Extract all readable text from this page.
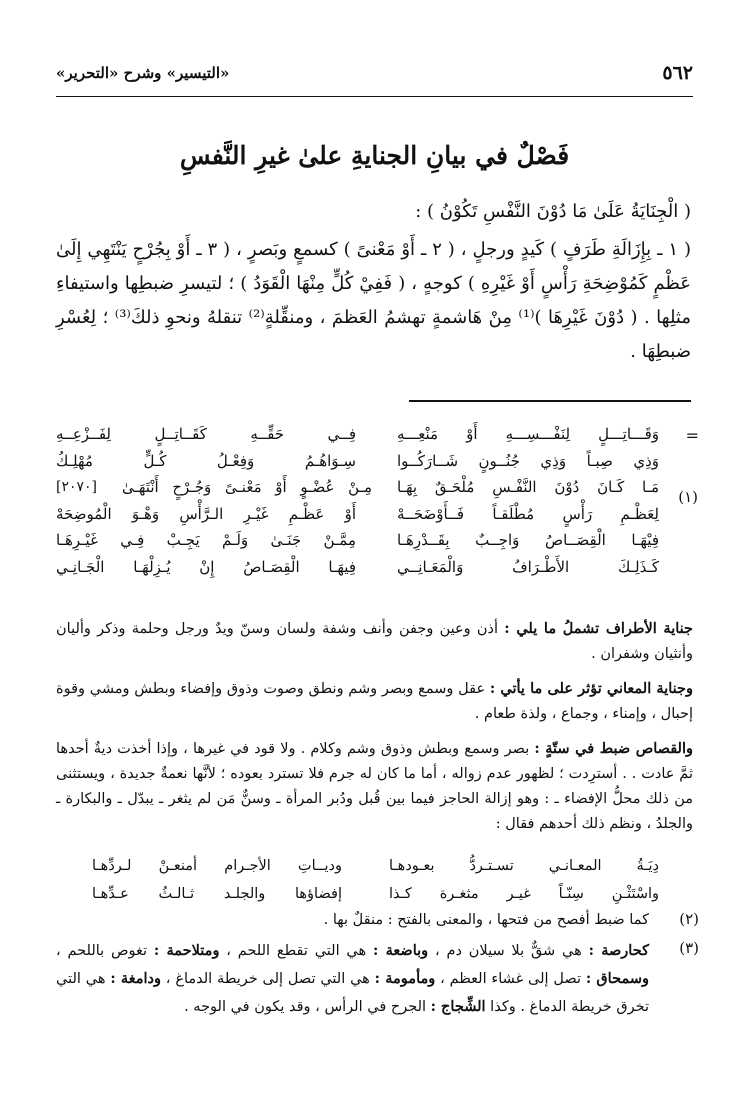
٥٦٢
«التيسير» وشرح «التحرير»
فَصْلٌ في بيانِ الجنايةِ علىٰ غيرِ النَّفسِ

( الْجِنَايَةُ عَلَىٰ مَا دُوْنَ النَّفْسِ تَكُوْنُ ) :

( ١ ـ بِإِزَالَةِ طَرَفٍ ) كَيدٍ ورجلٍ ، ( ٢ ـ أَوْ مَعْنىً ) كسمعٍ وبَصرٍ ، ( ٣ ـ أَوْ بِجُرْحٍ يَنْتَهِي إِلَىٰ عَظْمٍ كَمُوْضِحَةِ رَأْسٍ أَوْ غَيْرِهِ ) كوجهٍ ، ( فَفِيْ كُلٍّ مِنْهَا الْقَوَدُ ) ؛ لتيسرِ ضبطِها واستيفاءِ مثلِها . ( دُوْنَ غَيْرِهَا )⁽¹⁾ مِنْ هَاشمةٍ تهشمُ العَظمَ ، ومنقِّلةٍ⁽²⁾ تنقلهُ ونحوِ ذلكَ⁽³⁾ ؛ لِعُسْرِ ضبطِهَا .

=
(١)
وَقَـــاتِـــلٍ لِنَفْـــسِـــهِ أَوْ مَنْعِـــهِ
فِــي حَقِّــهِ كَقَــاتِــلٍ لِفَــزْعِــهِ
وَذِي صِبـاً وَذِي جُنُــونٍ شَــارَكُــوا
سِـوَاهُـمُ وَفِعْـلُ كُـلٍّ مُهْلِـكُ
مَـا كَـانَ دُوْنَ النَّفْـسِ مُلْحَـقٌ بِهَـا
مِـنْ عُضْـوٍ أَوْ مَعْنـىً وَجُـرْحٍ أَنْتَهَـىٰ
[٢٠٧٠]
لِعَظْـمِ رَأْسٍ مُطْلَقـاً فَــأَوْضَحَــهْ
أَوْ عَظْـمِ غَيْـرِ الـرَّأْسِ وَهْـوَ الْمُوضِحَهْ
فِيْهَـا الْقِصَــاصُ وَاجِــبٌ بِقَــدْرِهَـا
مِمَّـنْ جَنَـىٰ وَلَـمْ يَجِـبْ فِـي غَيْـرِهَـا
كَـذَلِـكَ الأَطْـرَافُ وَالْمَعَـانِــي
فِيهَـا الْقِصَـاصُ إِنْ يُـزِلْهَـا الْجَـانِـي

جناية الأطراف تشملُ ما يلي : أذن وعين وجفن وأنف وشفة ولسان وسنّ ويدٌ ورجل وحلمة وذكر وأليان وأنثيان وشفران .

وجناية المعاني تؤثر على ما يأتي : عقل وسمع وبصر وشم ونطق وصوت وذوق وإفضاء وبطش ومشي وقوة إحبال ، وإمناء ، وجماع ، ولذة طعام .

والقصاص ضبط في ستّةٍ : بصر وسمع وبطش وذوق وشم وكلام . ولا قود في غيرها ، وإذا أخذت ديةٌ أحدها ثمَّ عادت . . أسترِدت ؛ لظهور عدم زواله ، أما ما كان له جرم فلا تسترد بعوده ؛ لأنَّها نعمةٌ جديدة ، ويستثنى من ذلك محلُّ الإفضاء ـ : وهو إزالة الحاجز فيما بين قُبل ودُبر المرأة ـ وسنٌّ مَن لم يثغر ـ يبدّل ـ والبكارة ـ والجلدُ ، ونظم ذلك أحدهم فقال :

دِيَـةُ المعـانـي تسـتـردُّ بعـودهـا
وديــاتِ الأجـرام أمنعـنْ لـردِّهـا
واسْتَثْـنِ سِنّـاً غيـر مثغـرة كـذا
إفضاؤها والجلـد ثـالـثُ عـدِّهـا
(٢)
كما ضبط أفصح من فتحها ، والمعنى بالفتح : منقلٌ بها .
(٣)

كحارصة : هي شقٌّ بلا سيلان دم ، وباضعة : هي التي تقطع اللحم ، ومتلاحمة : تغوص باللحم ، وسمحاق : تصل إلى غشاء العظم ، ومأمومة : هي التي تصل إلى خريطة الدماغ ، ودامغة : هي التي تخرق خريطة الدماغ . وكذا الشِّجاج : الجرح في الرأس ، وقد يكون في الوجه .
